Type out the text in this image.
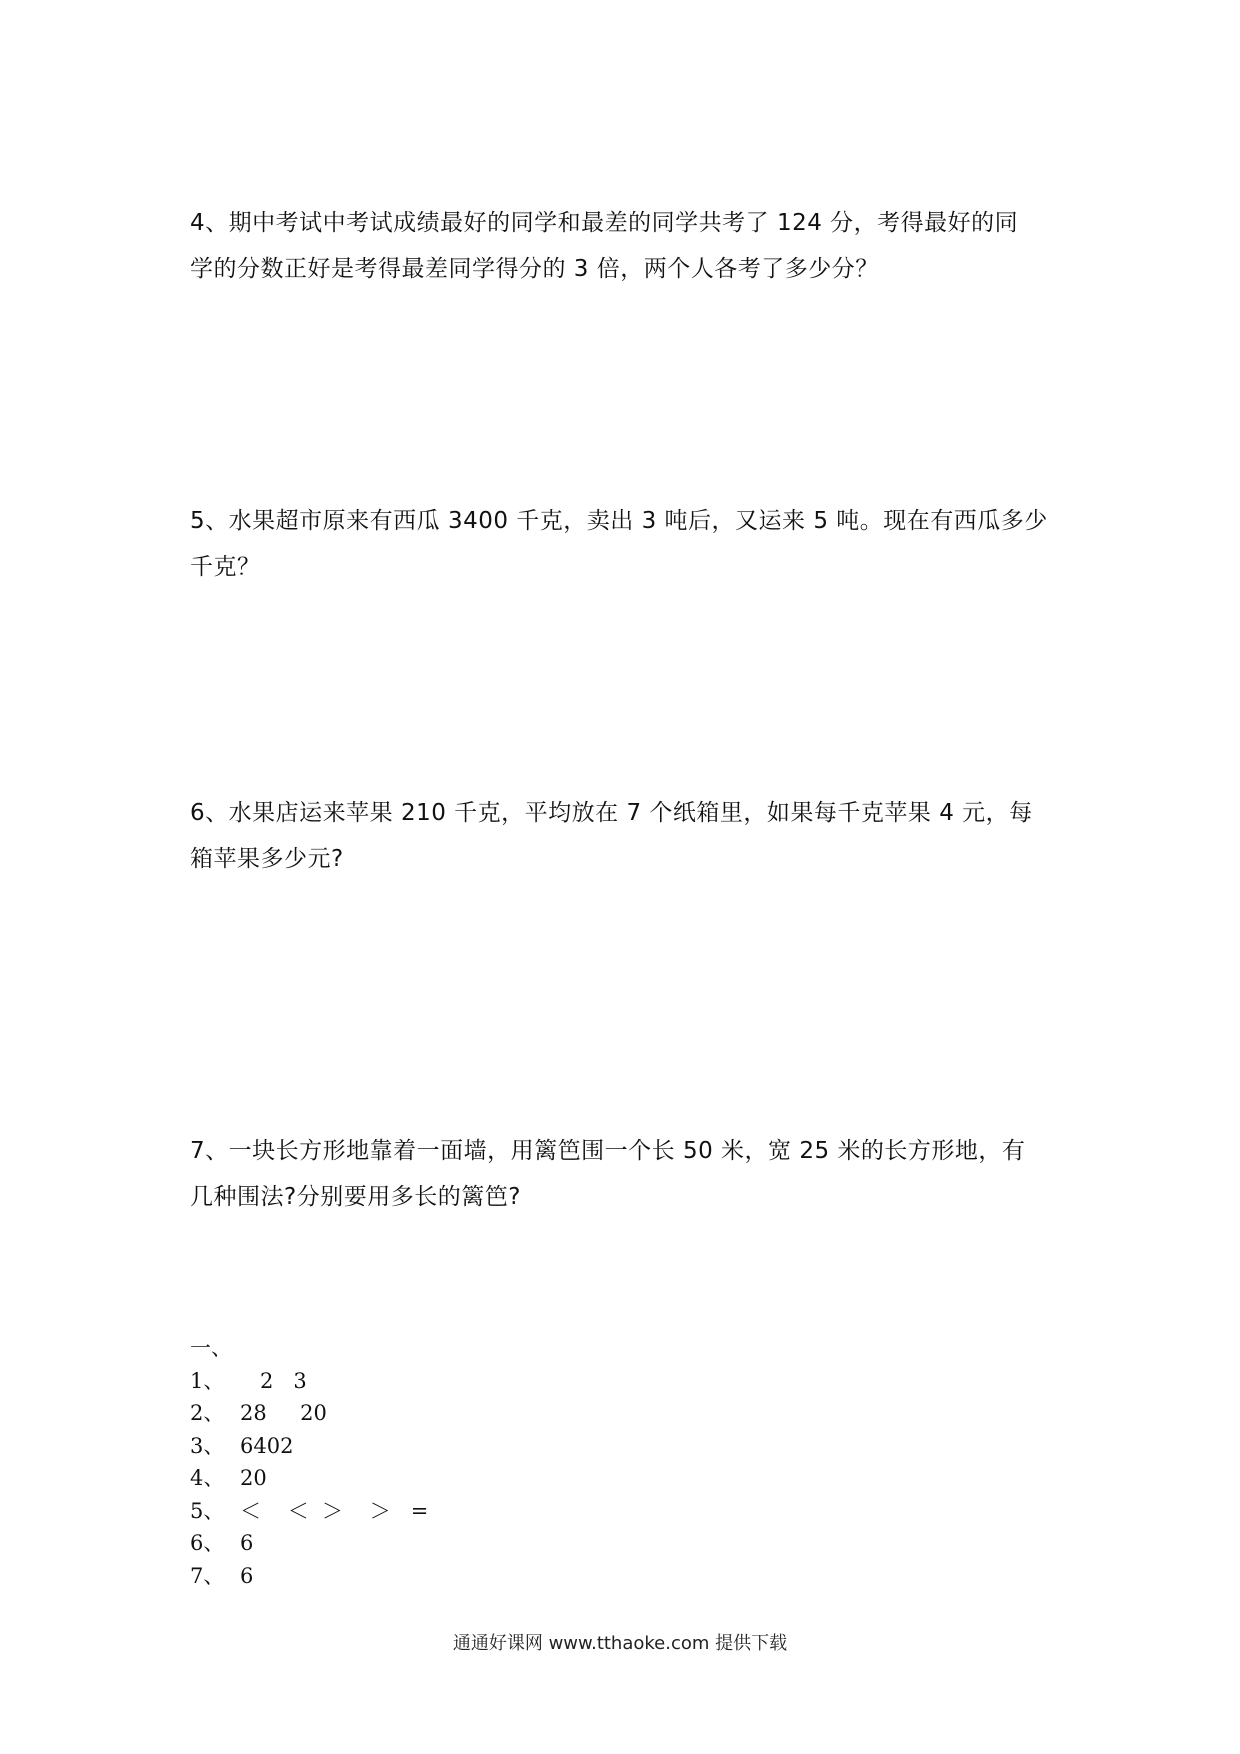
4、期中考试中考试成绩最好的同学和最差的同学共考了 124 分，考得最好的同

学的分数正好是考得最差同学得分的 3 倍，两个人各考了多少分？

5、水果超市原来有西瓜 3400 千克，卖出 3 吨后，又运来 5 吨。现在有西瓜多少

千克？

6、水果店运来苹果 210 千克，平均放在 7 个纸箱里，如果每千克苹果 4 元，每

箱苹果多少元?

7、一块长方形地靠着一面墙，用篱笆围一个长 50 米，宽 25 米的长方形地，有

几种围法?分别要用多长的篱笆?

一、

1、 2   3
2、 28     20
3、 6402
4、 20
5、 ＜    ＜  ＞    ＞   =
6、 6
7、 6
通通好课网 www.tthaoke.com 提供下载
